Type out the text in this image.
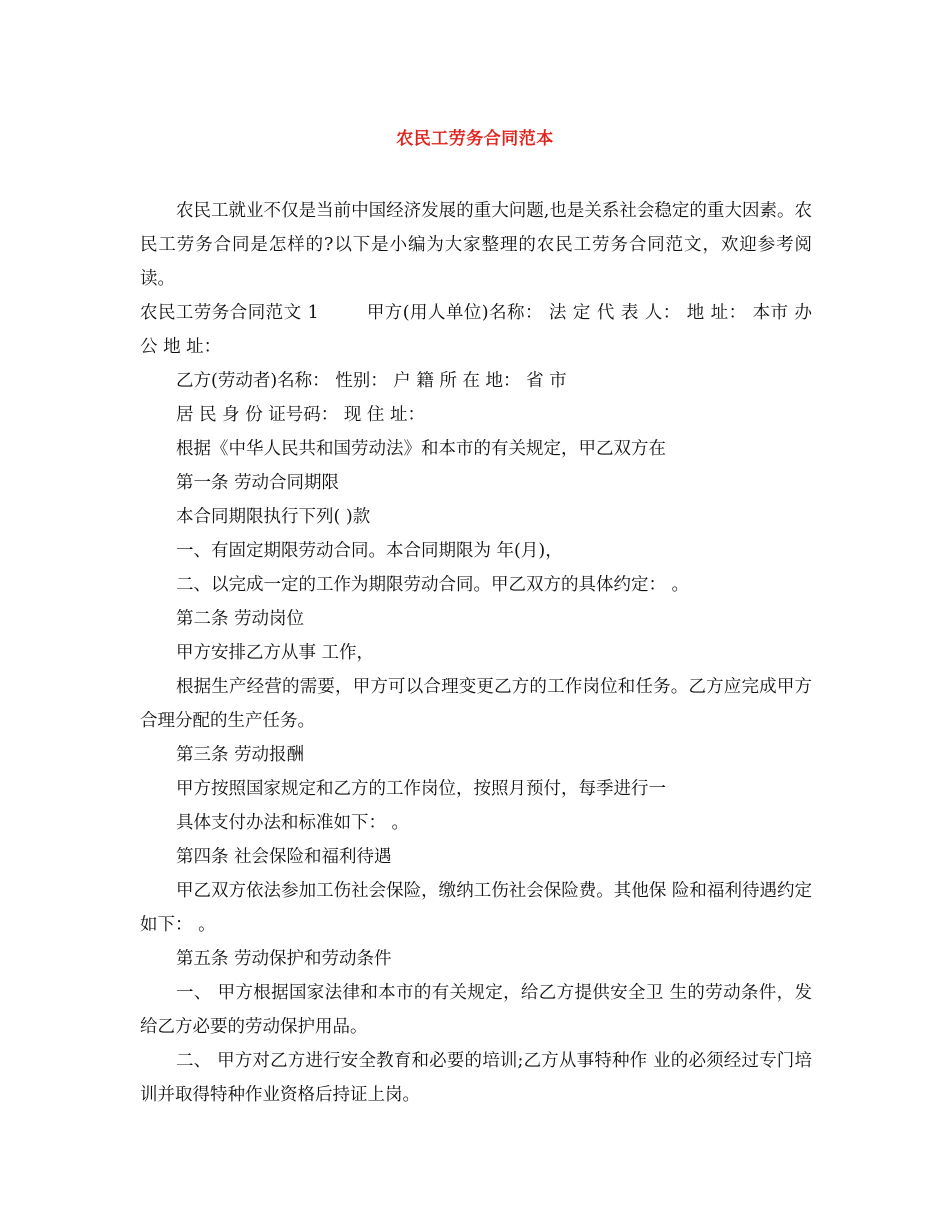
农民工劳务合同范本

农民工就业不仅是当前中国经济发展的重大问题,也是关系社会稳定的重大因素。农民工劳务合同是怎样的?以下是小编为大家整理的农民工劳务合同范文，欢迎参考阅读。

农民工劳务合同范文 1	甲方(用人单位)名称： 法 定 代 表 人： 地 址： 本市 办 公 地 址：

乙方(劳动者)名称： 性别： 户 籍 所 在 地： 省 市

居 民 身 份 证号码： 现 住 址：

根据《中华人民共和国劳动法》和本市的有关规定，甲乙双方在

第一条 劳动合同期限

本合同期限执行下列( )款

一、有固定期限劳动合同。本合同期限为 年(月)，

二、以完成一定的工作为期限劳动合同。甲乙双方的具体约定： 。

第二条 劳动岗位

甲方安排乙方从事 工作，

根据生产经营的需要，甲方可以合理变更乙方的工作岗位和任务。乙方应完成甲方合理分配的生产任务。

第三条 劳动报酬

甲方按照国家规定和乙方的工作岗位，按照月预付，每季进行一

具体支付办法和标准如下： 。

第四条 社会保险和福利待遇

甲乙双方依法参加工伤社会保险，缴纳工伤社会保险费。其他保 险和福利待遇约定如下： 。

第五条 劳动保护和劳动条件

一、 甲方根据国家法律和本市的有关规定，给乙方提供安全卫 生的劳动条件，发给乙方必要的劳动保护用品。

二、 甲方对乙方进行安全教育和必要的培训;乙方从事特种作 业的必须经过专门培训并取得特种作业资格后持证上岗。
